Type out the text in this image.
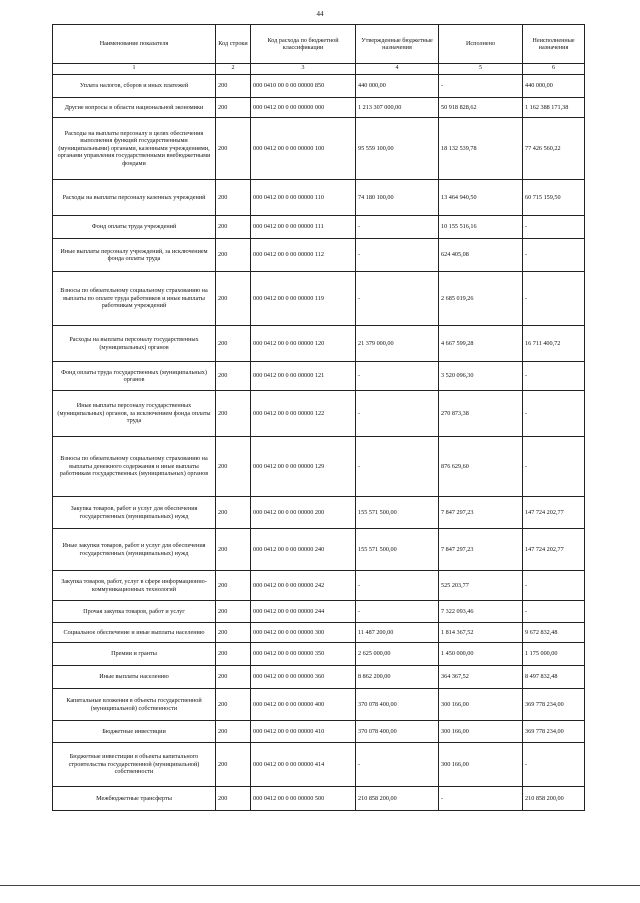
44
Наименование показателя	Код строки	Код расхода по бюджетной классификации	Утвержденные бюджетные назначения	Исполнено	Неисполненные назначения
1	2	3	4	5	6
Уплата налогов, сборов и иных платежей	200	000 0410 00 0 00 00000 850	440 000,00	-	440 000,00
Другие вопросы в области национальной экономики	200	000 0412 00 0 00 00000 000	1 213 307 000,00	50 918 828,62	1 162 388 171,38
Расходы на выплаты персоналу в целях обеспечения выполнения функций государственными (муниципальными) органами, казенными учреждениями, органами управления государственными внебюджетными фондами	200	000 0412 00 0 00 00000 100	95 559 100,00	18 132 539,78	77 426 560,22
Расходы на выплаты персоналу казенных учреждений	200	000 0412 00 0 00 00000 110	74 180 100,00	13 464 940,50	60 715 159,50
Фонд оплаты труда учреждений	200	000 0412 00 0 00 00000 111	-	10 155 516,16	-
Иные выплаты персоналу учреждений, за исключением фонда оплаты труда	200	000 0412 00 0 00 00000 112	-	624 405,08	-
Взносы по обязательному социальному страхованию на выплаты по оплате труда работников и иные выплаты работникам учреждений	200	000 0412 00 0 00 00000 119	-	2 685 019,26	-
Расходы на выплаты персоналу государственных (муниципальных) органов	200	000 0412 00 0 00 00000 120	21 379 000,00	4 667 599,28	16 711 400,72
Фонд оплаты труда государственных (муниципальных) органов	200	000 0412 00 0 00 00000 121	-	3 520 096,30	-
Иные выплаты персоналу государственных (муниципальных) органов, за исключением фонда оплаты труда	200	000 0412 00 0 00 00000 122	-	270 873,38	-
Взносы по обязательному социальному страхованию на выплаты денежного содержания и иные выплаты работникам государственных (муниципальных) органов	200	000 0412 00 0 00 00000 129	-	876 629,60	-
Закупка товаров, работ и услуг для обеспечения государственных (муниципальных) нужд	200	000 0412 00 0 00 00000 200	155 571 500,00	7 847 297,23	147 724 202,77
Иные закупки товаров, работ и услуг для обеспечения государственных (муниципальных) нужд	200	000 0412 00 0 00 00000 240	155 571 500,00	7 847 297,23	147 724 202,77
Закупка товаров, работ, услуг в сфере информационно-коммуникационных технологий	200	000 0412 00 0 00 00000 242	-	525 203,77	-
Прочая закупка товаров, работ и услуг	200	000 0412 00 0 00 00000 244	-	7 322 093,46	-
Социальное обеспечение и иные выплаты населению	200	000 0412 00 0 00 00000 300	11 487 200,00	1 814 367,52	9 672 832,48
Премии и гранты	200	000 0412 00 0 00 00000 350	2 625 000,00	1 450 000,00	1 175 000,00
Иные выплаты населению	200	000 0412 00 0 00 00000 360	8 862 200,00	364 367,52	8 497 832,48
Капитальные вложения в объекты государственной (муниципальной) собственности	200	000 0412 00 0 00 00000 400	370 078 400,00	300 166,00	369 778 234,00
Бюджетные инвестиции	200	000 0412 00 0 00 00000 410	370 078 400,00	300 166,00	369 778 234,00
Бюджетные инвестиции в объекты капитального строительства государственной (муниципальной) собственности	200	000 0412 00 0 00 00000 414	-	300 166,00	-
Межбюджетные трансферты	200	000 0412 00 0 00 00000 500	210 858 200,00	-	210 858 200,00
